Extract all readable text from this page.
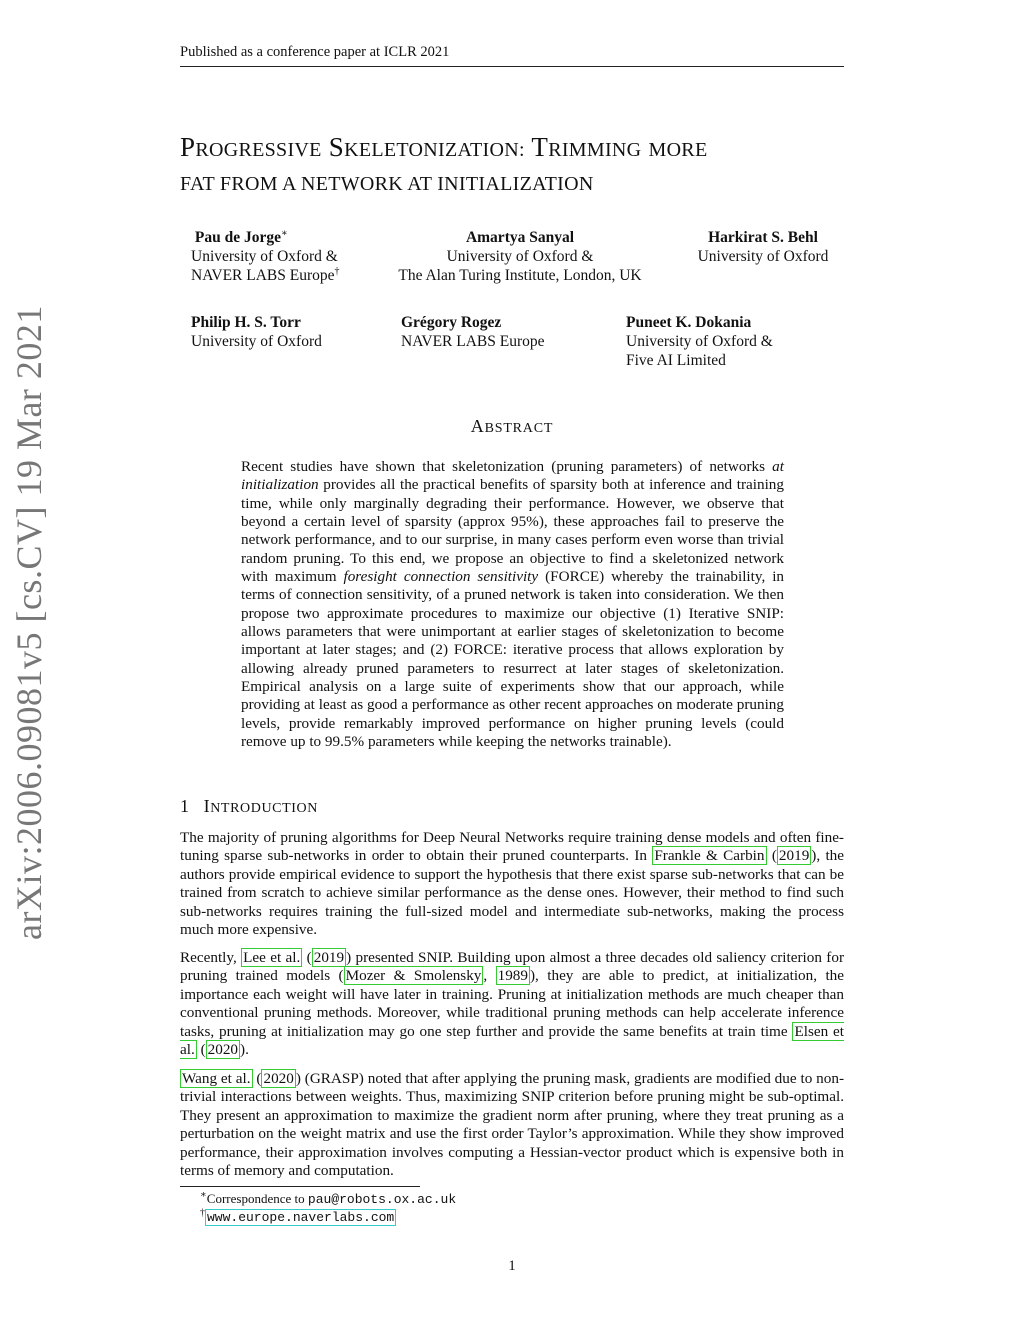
Published as a conference paper at ICLR 2021
PROGRESSIVE SKELETONIZATION: TRIMMING MORE
FAT FROM A NETWORK AT INITIALIZATION
Pau de Jorge∗
University of Oxford &
NAVER LABS Europe†
Amartya Sanyal
University of Oxford &
The Alan Turing Institute, London, UK
Harkirat S. Behl
University of Oxford
Philip H. S. Torr
University of Oxford
Grégory Rogez
NAVER LABS Europe
Puneet K. Dokania
University of Oxford &
Five AI Limited
arXiv:2006.09081v5 [cs.CV] 19 Mar 2021	ABSTRACT

Recent studies have shown that skeletonization (pruning parameters) of networks at initialization provides all the practical benefits of sparsity both at inference and training time, while only marginally degrading their performance. However, we observe that beyond a certain level of sparsity (approx 95%), these approaches fail to preserve the network performance, and to our surprise, in many cases perform even worse than trivial random pruning. To this end, we propose an objective to find a skeletonized network with maximum foresight connection sensitivity (FORCE) whereby the trainability, in terms of connection sensitivity, of a pruned network is taken into consideration. We then propose two approximate procedures to maximize our objective (1) Iterative SNIP: allows parameters that were unimportant at earlier stages of skeletonization to become important at later stages; and (2) FORCE: iterative process that allows exploration by allowing already pruned parameters to resurrect at later stages of skeletonization. Empirical analysis on a large suite of experiments show that our approach, while providing at least as good a performance as other recent approaches on moderate pruning levels, provide remarkably improved performance on higher pruning levels (could remove up to 99.5% parameters while keeping the networks trainable).

1 INTRODUCTION

The majority of pruning algorithms for Deep Neural Networks require training dense models and often fine-tuning sparse sub-networks in order to obtain their pruned counterparts. In Frankle & Carbin ( 2019 ), the authors provide empirical evidence to support the hypothesis that there exist sparse sub-networks that can be trained from scratch to achieve similar performance as the dense ones. However, their method to find such sub-networks requires training the full-sized model and intermediate sub-networks, making the process much more expensive.

Recently, Lee et al. ( 2019 ) presented SNIP. Building upon almost a three decades old saliency criterion for pruning trained models ( Mozer & Smolensky , 1989 ), they are able to predict, at initialization, the importance each weight will have later in training. Pruning at initialization methods are much cheaper than conventional pruning methods. Moreover, while traditional pruning methods can help accelerate inference tasks, pruning at initialization may go one step further and provide the same benefits at train time Elsen et al. ( 2020 ).

Wang et al. ( 2020 ) (GRASP) noted that after applying the pruning mask, gradients are modified due to non-trivial interactions between weights. Thus, maximizing SNIP criterion before pruning might be sub-optimal. They present an approximation to maximize the gradient norm after pruning, where they treat pruning as a perturbation on the weight matrix and use the first order Taylor’s approximation. While they show improved performance, their approximation involves computing a Hessian-vector product which is expensive both in terms of memory and computation.

∗Correspondence to pau@robots.ox.ac.uk
† www.europe.naverlabs.com
1
